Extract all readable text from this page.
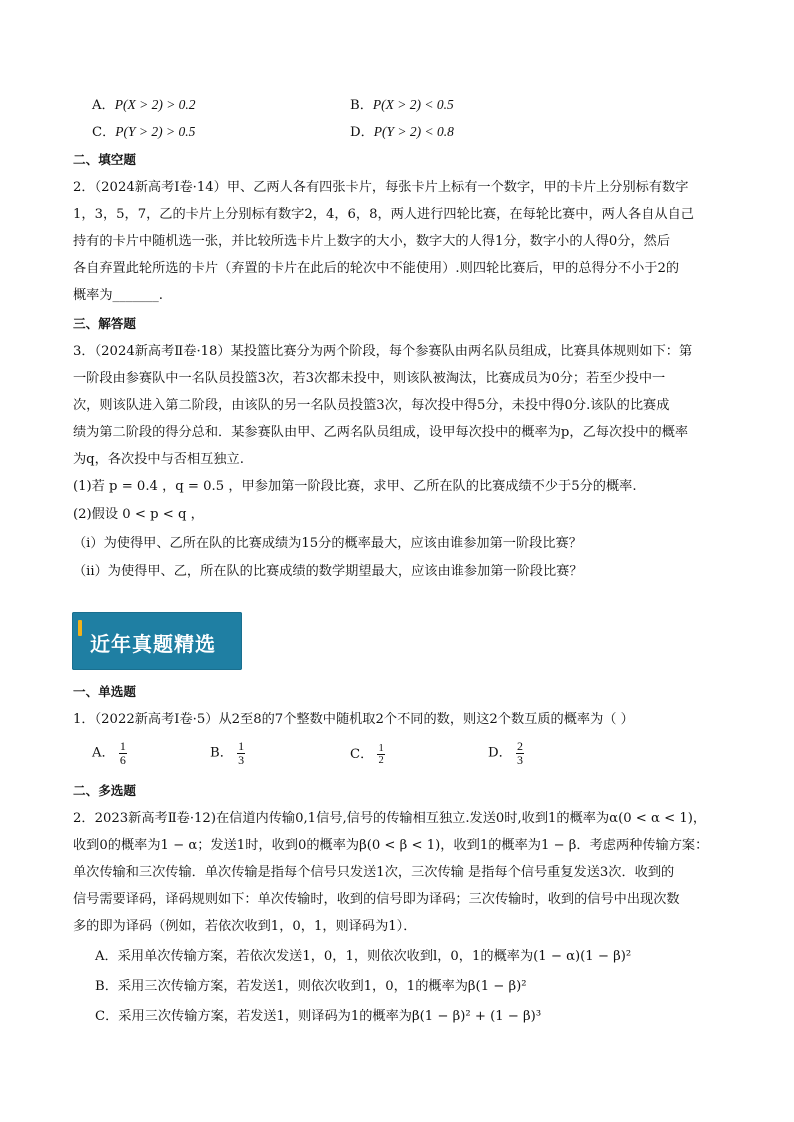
A．P(X > 2) > 0.2	B．P(X > 2) < 0.5
C．P(Y > 2) > 0.5	D．P(Y > 2) < 0.8
二、填空题
2．（2024新高考Ⅰ卷·14）甲、乙两人各有四张卡片，每张卡片上标有一个数字，甲的卡片上分别标有数字
1，3，5，7，乙的卡片上分别标有数字2，4，6，8，两人进行四轮比赛，在每轮比赛中，两人各自从自己
持有的卡片中随机选一张，并比较所选卡片上数字的大小，数字大的人得1分，数字小的人得0分，然后
各自弃置此轮所选的卡片（弃置的卡片在此后的轮次中不能使用）.则四轮比赛后，甲的总得分不小于2的
概率为_______.
三、解答题
3．（2024新高考Ⅱ卷·18）某投篮比赛分为两个阶段，每个参赛队由两名队员组成，比赛具体规则如下：第
一阶段由参赛队中一名队员投篮3次，若3次都未投中，则该队被淘汰，比赛成员为0分；若至少投中一
次，则该队进入第二阶段，由该队的另一名队员投篮3次，每次投中得5分，未投中得0分.该队的比赛成
绩为第二阶段的得分总和．某参赛队由甲、乙两名队员组成，设甲每次投中的概率为p，乙每次投中的概率
为q，各次投中与否相互独立.
(1)若 p = 0.4 ，q = 0.5 ，甲参加第一阶段比赛，求甲、乙所在队的比赛成绩不少于5分的概率.
(2)假设 0 < p < q ，
（i）为使得甲、乙所在队的比赛成绩为15分的概率最大，应该由谁参加第一阶段比赛？
（ii）为使得甲、乙，所在队的比赛成绩的数学期望最大，应该由谁参加第一阶段比赛？
近年真题精选
一、单选题
1．（2022新高考Ⅰ卷·5）从2至8的7个整数中随机取2个不同的数，则这2个数互质的概率为（ ）
A． $\frac{1}{6}$	B． $\frac{1}{3}$	C． $\frac{1}{2}$	D． $\frac{2}{3}$
二、多选题
2．2023新高考Ⅱ卷·12)在信道内传输0,1信号,信号的传输相互独立.发送0时,收到1的概率为α(0 < α < 1)，
收到0的概率为1 − α；发送1时，收到0的概率为β(0 < β < 1)，收到1的概率为1 − β．考虑两种传输方案：
单次传输和三次传输．单次传输是指每个信号只发送1次，三次传输 是指每个信号重复发送3次．收到的
信号需要译码，译码规则如下：单次传输时，收到的信号即为译码；三次传输时，收到的信号中出现次数
多的即为译码（例如，若依次收到1，0，1，则译码为1）．
A．采用单次传输方案，若依次发送1，0，1，则依次收到l，0，1的概率为(1 − α)(1 − β)²
B．采用三次传输方案，若发送1，则依次收到1，0，1的概率为β(1 − β)²
C．采用三次传输方案，若发送1，则译码为1的概率为β(1 − β)² + (1 − β)³
